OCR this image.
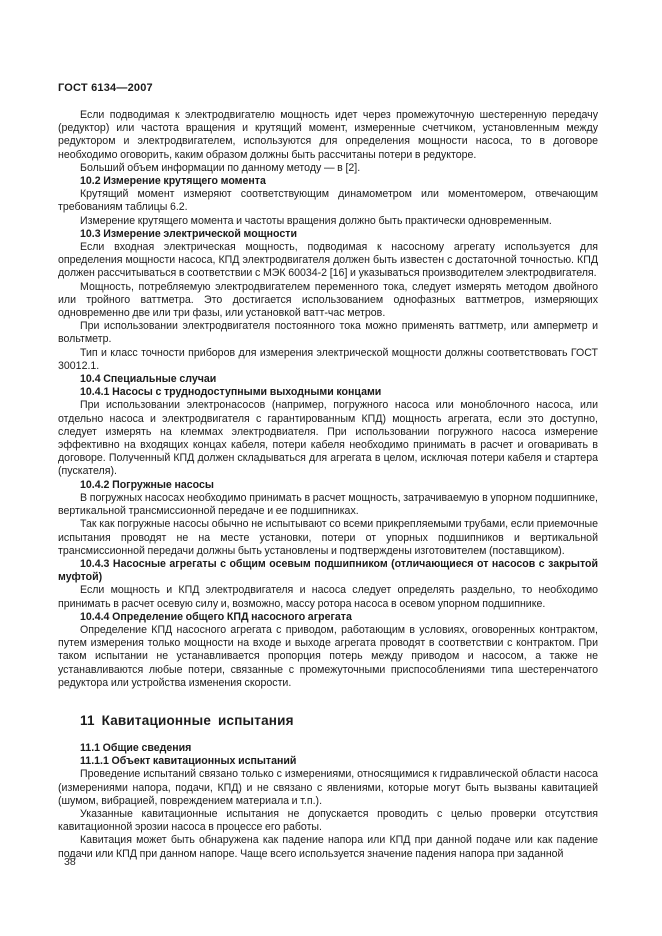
ГОСТ 6134—2007

Если подводимая к электродвигателю мощность идет через промежуточную шестеренную передачу (редуктор) или частота вращения и крутящий момент, измеренные счетчиком, установленным между редуктором и электродвигателем, используются для определения мощности насоса, то в договоре необходимо оговорить, каким образом должны быть рассчитаны потери в редукторе.

Больший объем информации по данному методу — в [2].

10.2 Измерение крутящего момента

Крутящий момент измеряют соответствующим динамометром или моментомером, отвечающим требованиям таблицы 6.2.

Измерение крутящего момента и частоты вращения должно быть практически одновременным.

10.3 Измерение электрической мощности

Если входная электрическая мощность, подводимая к насосному агрегату используется для определения мощности насоса, КПД электродвигателя должен быть известен с достаточной точностью. КПД должен рассчитываться в соответствии с МЭК 60034-2 [16] и указываться производителем электродвигателя.

Мощность, потребляемую электродвигателем переменного тока, следует измерять методом двойного или тройного ваттметра. Это достигается использованием однофазных ваттметров, измеряющих одновременно две или три фазы, или установкой ватт-час метров.

При использовании электродвигателя постоянного тока можно применять ваттметр, или амперметр и вольтметр.

Тип и класс точности приборов для измерения электрической мощности должны соответствовать ГОСТ 30012.1.

10.4 Специальные случаи

10.4.1 Насосы с труднодоступными выходными концами

При использовании электронасосов (например, погружного насоса или моноблочного насоса, или отдельно насоса и электродвигателя с гарантированным КПД) мощность агрегата, если это доступно, следует измерять на клеммах электродвиателя. При использовании погружного насоса измерение эффективно на входящих концах кабеля, потери кабеля необходимо принимать в расчет и оговаривать в договоре. Полученный КПД должен складываться для агрегата в целом, исключая потери кабеля и стартера (пускателя).

10.4.2 Погружные насосы

В погружных насосах необходимо принимать в расчет мощность, затрачиваемую в упорном подшипнике, вертикальной трансмиссионной передаче и ее подшипниках.

Так как погружные насосы обычно не испытывают со всеми прикрепляемыми трубами, если приемочные испытания проводят не на месте установки, потери от упорных подшипников и вертикальной трансмиссионной передачи должны быть установлены и подтверждены изготовителем (поставщиком).

10.4.3 Насосные агрегаты с общим осевым подшипником (отличающиеся от насосов с закрытой муфтой)

Если мощность и КПД электродвигателя и насоса следует определять раздельно, то необходимо принимать в расчет осевую силу и, возможно, массу ротора насоса в осевом упорном подшипнике.

10.4.4 Определение общего КПД насосного агрегата

Определение КПД насосного агрегата с приводом, работающим в условиях, оговоренных контрактом, путем измерения только мощности на входе и выходе агрегата проводят в соответствии с контрактом. При таком испытании не устанавливается пропорция потерь между приводом и насосом, а также не устанавливаются любые потери, связанные с промежуточными приспособлениями типа шестеренчатого редуктора или устройства изменения скорости.

11 Кавитационные испытания

11.1 Общие сведения

11.1.1 Объект кавитационных испытаний

Проведение испытаний связано только с измерениями, относящимися к гидравлической области насоса (измерениями напора, подачи, КПД) и не связано с явлениями, которые могут быть вызваны кавитацией (шумом, вибрацией, повреждением материала и т.п.).

Указанные кавитационные испытания не допускается проводить с целью проверки отсутствия кавитационной эрозии насоса в процессе его работы.

Кавитация может быть обнаружена как падение напора или КПД при данной подаче или как падение подачи или КПД при данном напоре. Чаще всего используется значение падения напора при заданной

38
